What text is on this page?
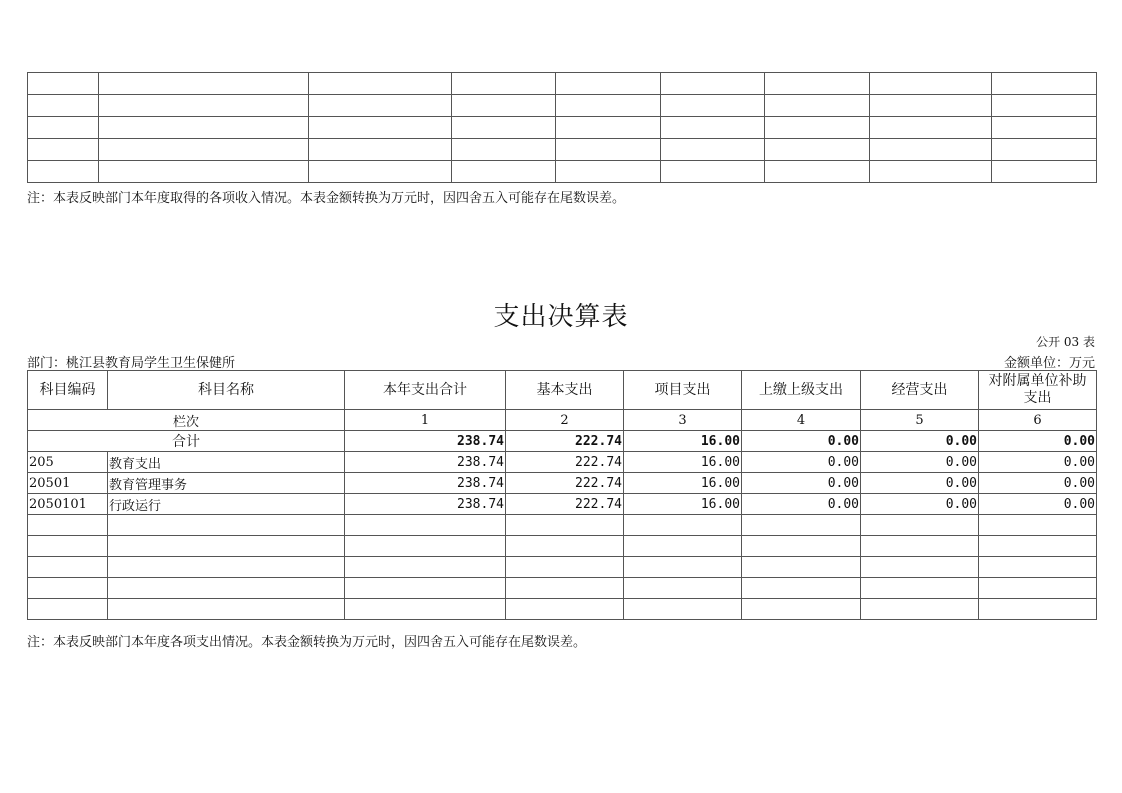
注：本表反映部门本年度取得的各项收入情况。本表金额转换为万元时，因四舍五入可能存在尾数误差。
支出决算表
公开 03 表
部门：桃江县教育局学生卫生保健所	金额单位：万元
科目编码	科目名称	本年支出合计	基本支出	项目支出	上缴上级支出	经营支出	对附属单位补助支出
栏次		1	2	3	4	5	6
合计		238.74	222.74	16.00	0.00	0.00	0.00
205	教育支出	238.74	222.74	16.00	0.00	0.00	0.00
20501	教育管理事务	238.74	222.74	16.00	0.00	0.00	0.00
2050101	行政运行	238.74	222.74	16.00	0.00	0.00	0.00

注：本表反映部门本年度各项支出情况。本表金额转换为万元时，因四舍五入可能存在尾数误差。
